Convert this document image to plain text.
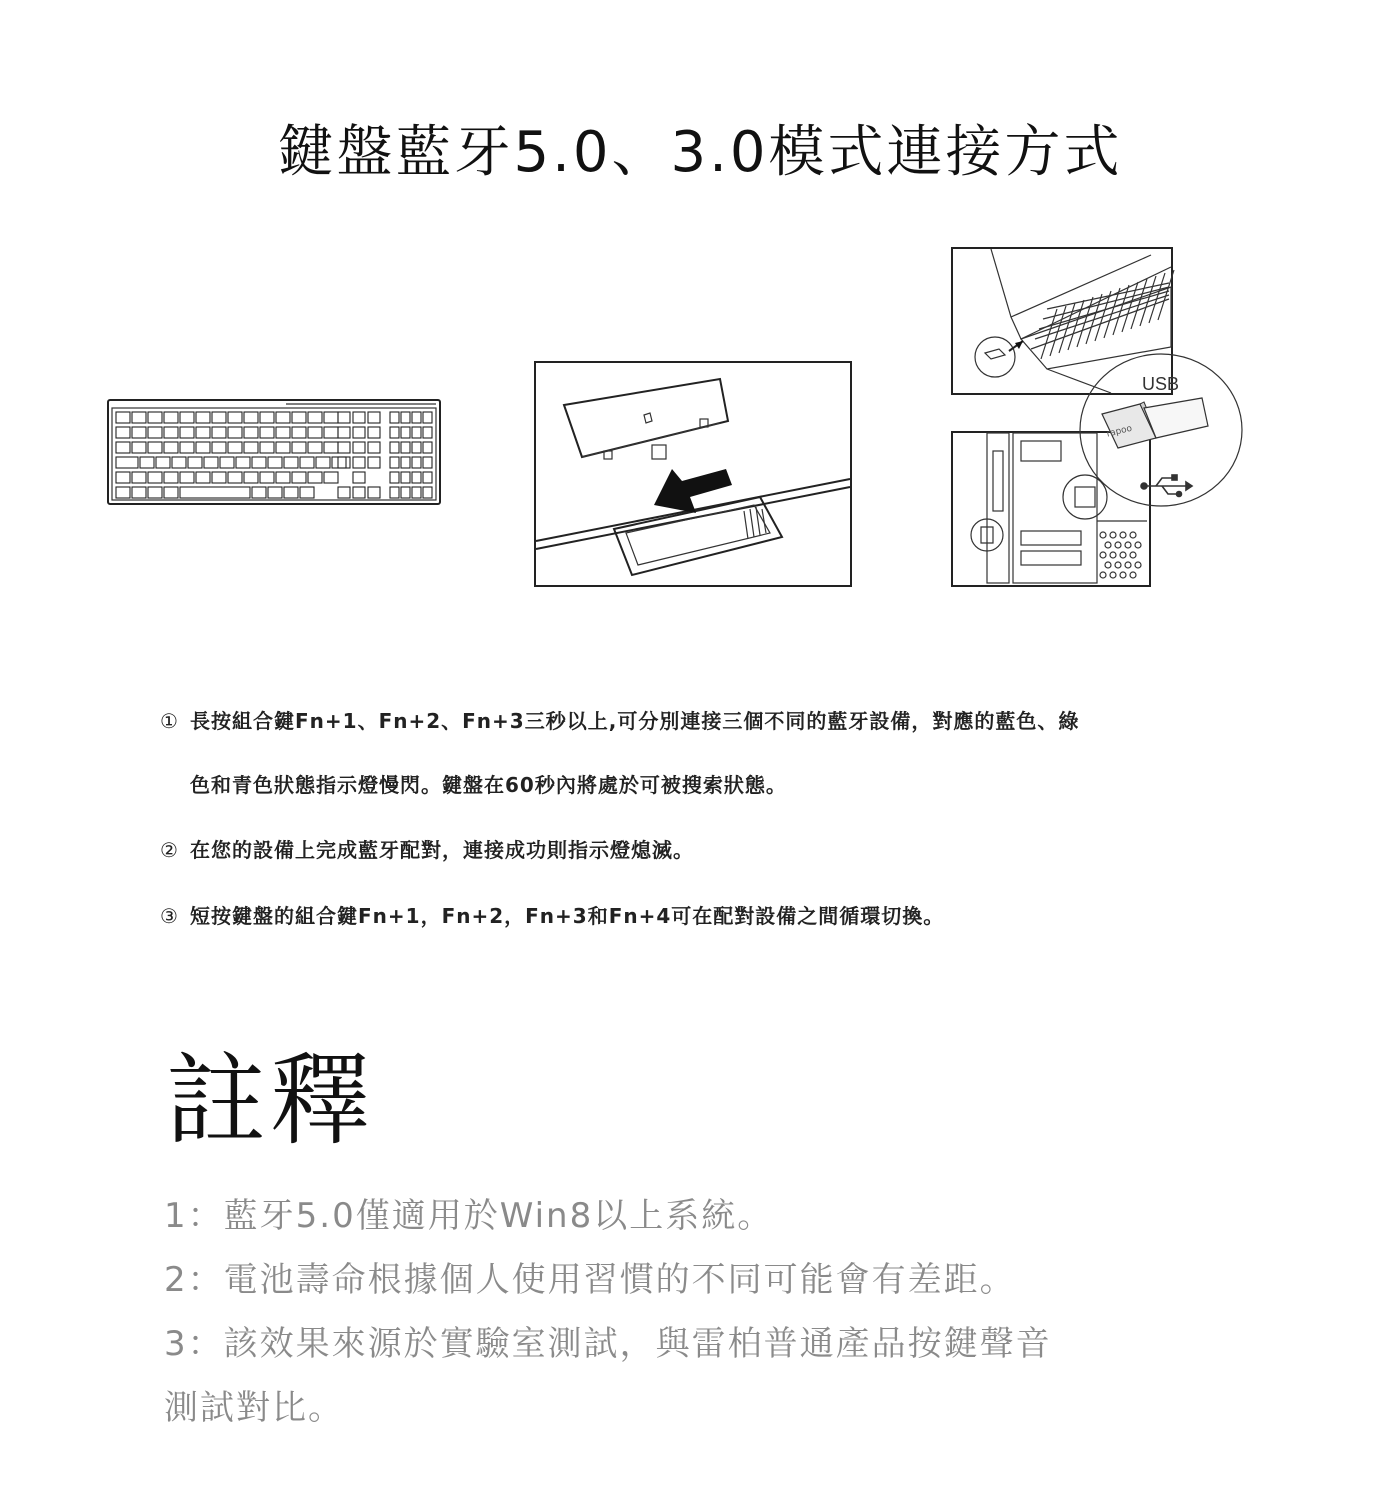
鍵盤藍牙5.0、3.0模式連接方式
USB
rapoo
① 長按組合鍵Fn+1、Fn+2、Fn+3三秒以上,可分別連接三個不同的藍牙設備，對應的藍色、綠
色和青色狀態指示燈慢閃。鍵盤在60秒內將處於可被搜索狀態。
② 在您的設備上完成藍牙配對，連接成功則指示燈熄滅。
③ 短按鍵盤的組合鍵Fn+1，Fn+2，Fn+3和Fn+4可在配對設備之間循環切換。
註釋
1：藍牙5.0僅適用於Win8以上系統。
2：電池壽命根據個人使用習慣的不同可能會有差距。
3：該效果來源於實驗室測試，與雷柏普通產品按鍵聲音
測試對比。
